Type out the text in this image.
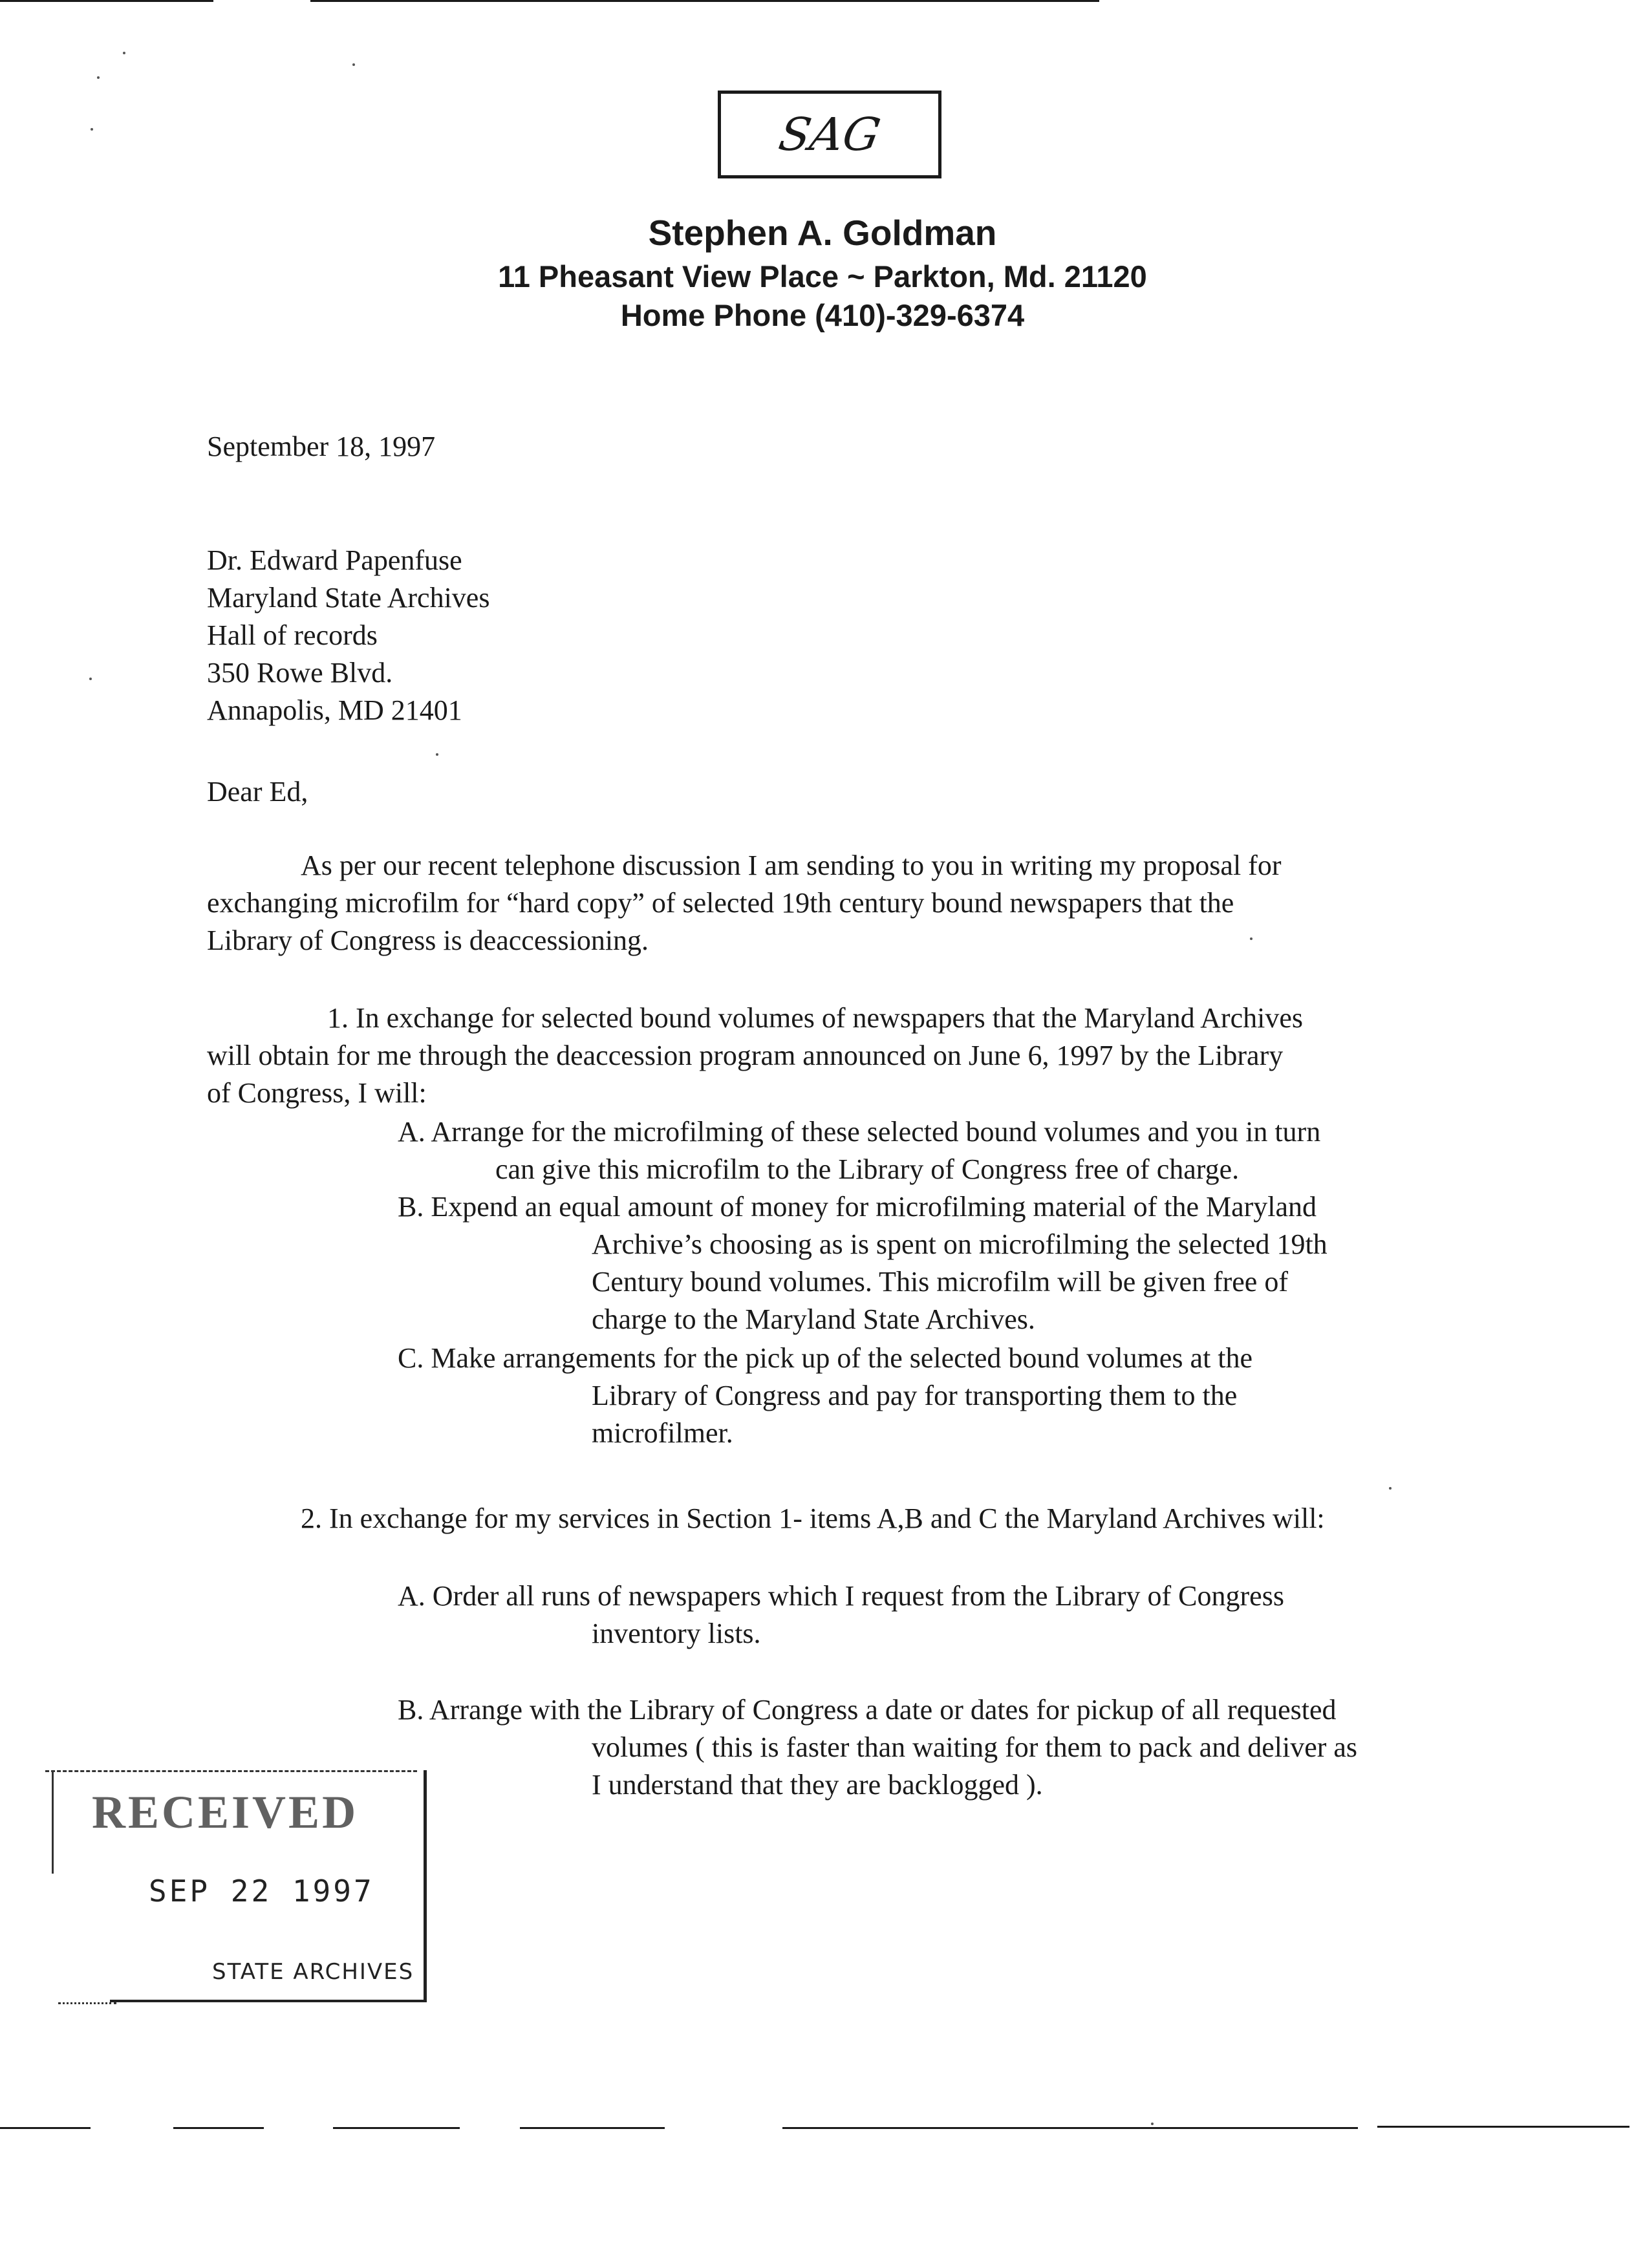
SAG
Stephen A. Goldman
11 Pheasant View Place ~ Parkton, Md. 21120
Home Phone (410)-329-6374
September 18, 1997
Dr. Edward Papenfuse
Maryland State Archives
Hall of records
350 Rowe Blvd.
Annapolis, MD 21401
Dear Ed,
As per our recent telephone discussion I am sending to you in writing my proposal for
exchanging microfilm for “hard copy” of selected 19th century bound newspapers that the
Library of Congress is deaccessioning.
1. In exchange for selected bound volumes of newspapers that the Maryland Archives
will obtain for me through the deaccession program announced on June 6, 1997 by the Library
of Congress, I will:
A. Arrange for the microfilming of these selected bound volumes and you in turn
can give this microfilm to the Library of Congress free of charge.
B. Expend an equal amount of money for microfilming material of the Maryland
Archive’s choosing as is spent on microfilming the selected 19th
Century bound volumes. This microfilm will be given free of
charge to the Maryland State Archives.
C. Make arrangements for the pick up of the selected bound volumes at the
Library of Congress and pay for transporting them to the
microfilmer.
2. In exchange for my services in Section 1- items A,B and C the Maryland Archives will:
A. Order all runs of newspapers which I request from the Library of Congress
inventory lists.
B. Arrange with the Library of Congress a date or dates for pickup of all requested
volumes ( this is faster than waiting for them to pack and deliver as
I understand that they are backlogged ).
RECEIVED
SEP 22 1997
STATE ARCHIVES
